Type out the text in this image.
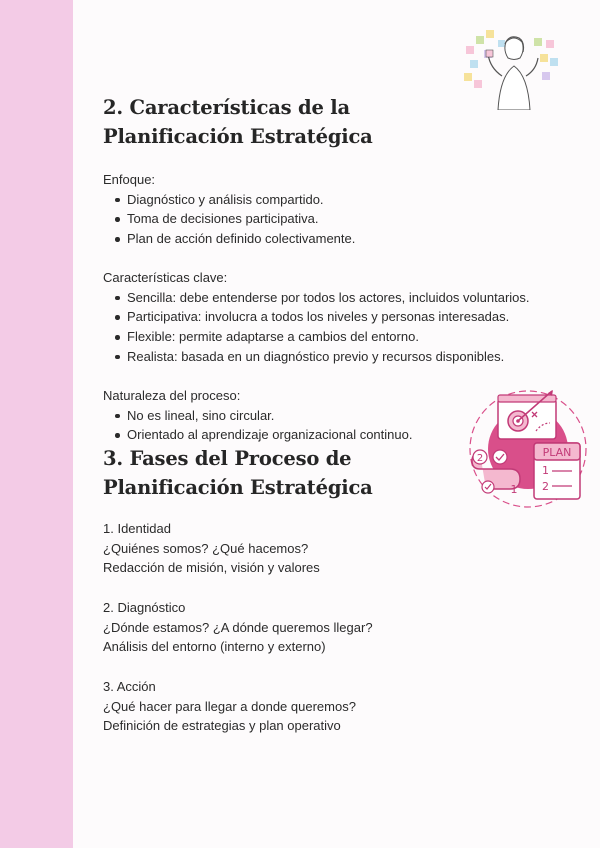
2. Características de la Planificación Estratégica

Enfoque:

Diagnóstico y análisis compartido.
Toma de decisiones participativa.
Plan de acción definido colectivamente.

Características clave:

Sencilla: debe entenderse por todos los actores, incluidos voluntarios.
Participativa: involucra a todos los niveles y personas interesadas.
Flexible: permite adaptarse a cambios del entorno.
Realista: basada en un diagnóstico previo y recursos disponibles.

Naturaleza del proceso:

No es lineal, sino circular.
Orientado al aprendizaje organizacional continuo.
PLAN
1
2
2
1
3. Fases del Proceso de Planificación Estratégica

1. Identidad

¿Quiénes somos? ¿Qué hacemos?

Redacción de misión, visión y valores

2. Diagnóstico

¿Dónde estamos? ¿A dónde queremos llegar?

Análisis del entorno (interno y externo)

3. Acción

¿Qué hacer para llegar a donde queremos?

Definición de estrategias y plan operativo
